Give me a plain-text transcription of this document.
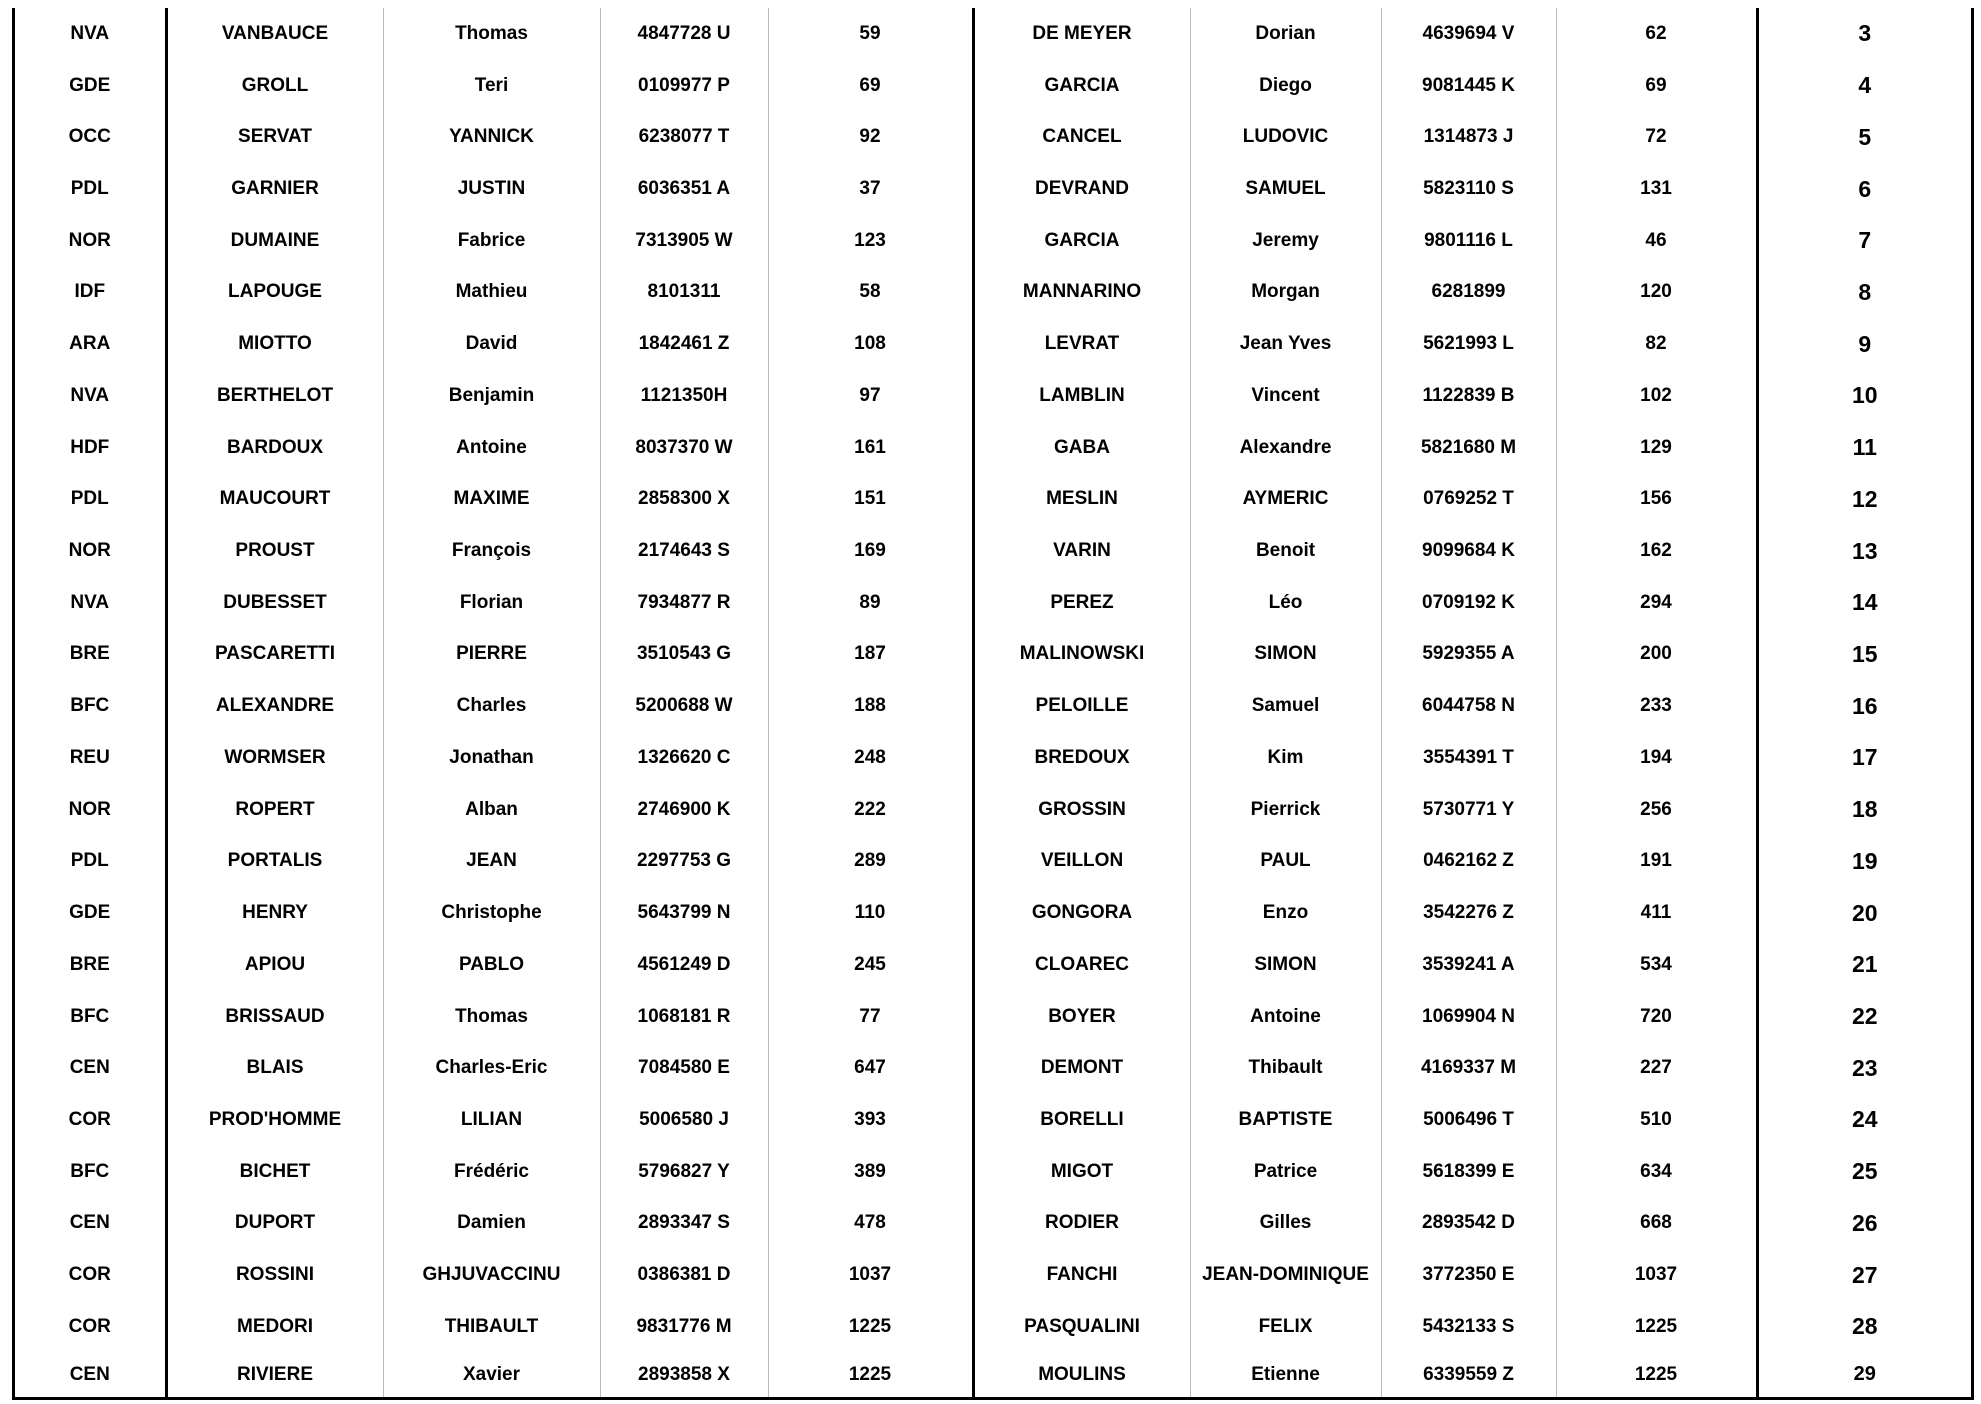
NVA	VANBAUCE	Thomas	4847728 U	59	DE MEYER	Dorian	4639694 V	62	3
GDE	GROLL	Teri	0109977 P	69	GARCIA	Diego	9081445 K	69	4
OCC	SERVAT	YANNICK	6238077 T	92	CANCEL	LUDOVIC	1314873 J	72	5
PDL	GARNIER	JUSTIN	6036351 A	37	DEVRAND	SAMUEL	5823110 S	131	6
NOR	DUMAINE	Fabrice	7313905 W	123	GARCIA	Jeremy	9801116 L	46	7
IDF	LAPOUGE	Mathieu	8101311	58	MANNARINO	Morgan	6281899	120	8
ARA	MIOTTO	David	1842461 Z	108	LEVRAT	Jean Yves	5621993 L	82	9
NVA	BERTHELOT	Benjamin	1121350H	97	LAMBLIN	Vincent	1122839 B	102	10
HDF	BARDOUX	Antoine	8037370 W	161	GABA	Alexandre	5821680 M	129	11
PDL	MAUCOURT	MAXIME	2858300 X	151	MESLIN	AYMERIC	0769252 T	156	12
NOR	PROUST	François	2174643 S	169	VARIN	Benoit	9099684 K	162	13
NVA	DUBESSET	Florian	7934877 R	89	PEREZ	Léo	0709192 K	294	14
BRE	PASCARETTI	PIERRE	3510543 G	187	MALINOWSKI	SIMON	5929355 A	200	15
BFC	ALEXANDRE	Charles	5200688 W	188	PELOILLE	Samuel	6044758 N	233	16
REU	WORMSER	Jonathan	1326620 C	248	BREDOUX	Kim	3554391 T	194	17
NOR	ROPERT	Alban	2746900 K	222	GROSSIN	Pierrick	5730771 Y	256	18
PDL	PORTALIS	JEAN	2297753 G	289	VEILLON	PAUL	0462162 Z	191	19
GDE	HENRY	Christophe	5643799 N	110	GONGORA	Enzo	3542276 Z	411	20
BRE	APIOU	PABLO	4561249 D	245	CLOAREC	SIMON	3539241 A	534	21
BFC	BRISSAUD	Thomas	1068181 R	77	BOYER	Antoine	1069904 N	720	22
CEN	BLAIS	Charles-Eric	7084580 E	647	DEMONT	Thibault	4169337 M	227	23
COR	PROD'HOMME	LILIAN	5006580 J	393	BORELLI	BAPTISTE	5006496 T	510	24
BFC	BICHET	Frédéric	5796827 Y	389	MIGOT	Patrice	5618399 E	634	25
CEN	DUPORT	Damien	2893347 S	478	RODIER	Gilles	2893542 D	668	26
COR	ROSSINI	GHJUVACCINU	0386381 D	1037	FANCHI	JEAN-DOMINIQUE	3772350 E	1037	27
COR	MEDORI	THIBAULT	9831776 M	1225	PASQUALINI	FELIX	5432133 S	1225	28
CEN	RIVIERE	Xavier	2893858 X	1225	MOULINS	Etienne	6339559 Z	1225	29
